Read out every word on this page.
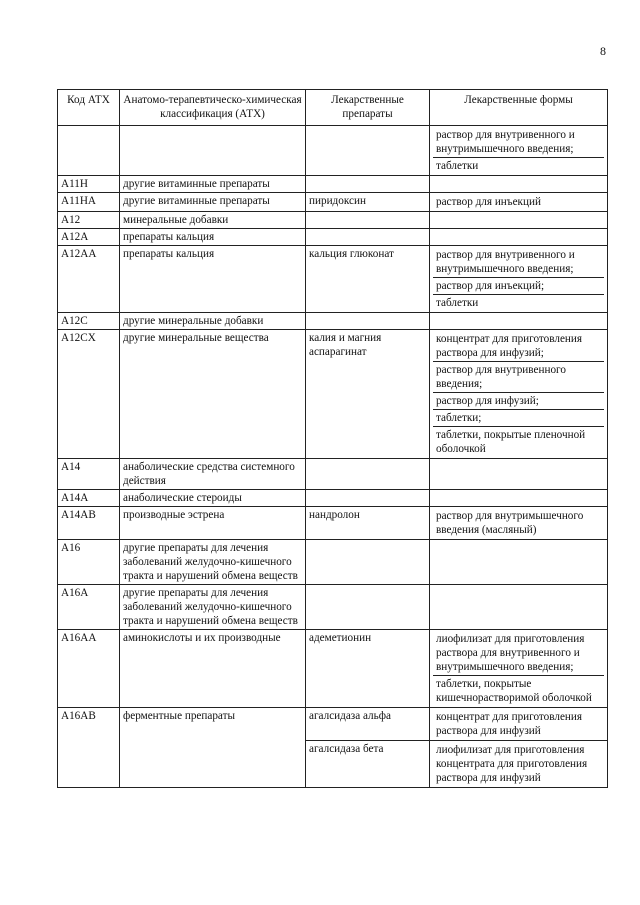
8
Код АТХ	Анатомо-терапевтическо-химическая классификация (АТХ)	Лекарственные препараты	Лекарственные формы

			раствор для внутривенного и внутримышечного введения;
таблетки

A11H	другие витаминные препараты		

A11HA	другие витаминные препараты	пиридоксин	раствор для инъекций

A12	минеральные добавки		

A12A	препараты кальция		

A12AA	препараты кальция	кальция глюконат	раствор для внутривенного и внутримышечного введения;
раствор для инъекций;
таблетки

A12C	другие минеральные добавки		

A12CX	другие минеральные вещества	калия и магния аспарагинат	концентрат для приготовления раствора для инфузий;
раствор для внутривенного введения;
раствор для инфузий;
таблетки;
таблетки, покрытые пленочной оболочкой

A14	анаболические средства системного действия		

A14A	анаболические стероиды		

A14AB	производные эстрена	нандролон	раствор для внутримышечного введения (масляный)

A16	другие препараты для лечения заболеваний желудочно-кишечного тракта и нарушений обмена веществ		

A16A	другие препараты для лечения заболеваний желудочно-кишечного тракта и нарушений обмена веществ		

A16AA	аминокислоты и их производные	адеметионин	лиофилизат для приготовления раствора для внутривенного и внутримышечного введения;
таблетки, покрытые кишечнорастворимой оболочкой

A16AB	ферментные препараты	агалсидаза альфа	концентрат для приготовления раствора для инфузий

		агалсидаза бета	лиофилизат для приготовления концентрата для приготовления раствора для инфузий
